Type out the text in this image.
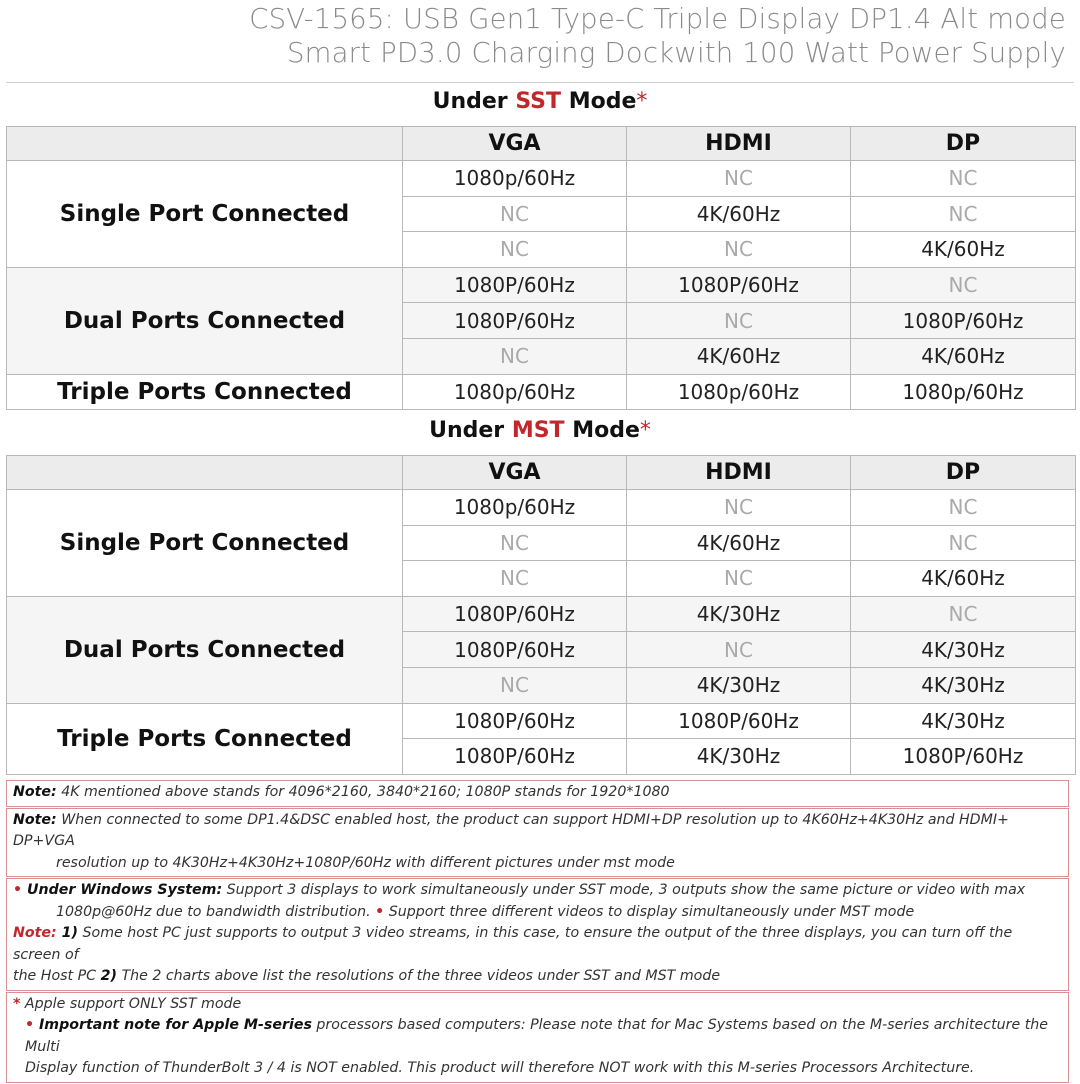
CSV-1565: USB Gen1 Type-C Triple Display DP1.4 Alt mode
Smart PD3.0 Charging Dockwith 100 Watt Power Supply
Under SST Mode*
	VGA	HDMI	DP
Single Port Connected	1080p/60Hz	NC	NC
	NC	4K/60Hz	NC
	NC	NC	4K/60Hz
Dual Ports Connected	1080P/60Hz	1080P/60Hz	NC
	1080P/60Hz	NC	1080P/60Hz
	NC	4K/60Hz	4K/60Hz
Triple Ports Connected	1080p/60Hz	1080p/60Hz	1080p/60Hz
Under MST Mode*
	VGA	HDMI	DP
Single Port Connected	1080p/60Hz	NC	NC
	NC	4K/60Hz	NC
	NC	NC	4K/60Hz
Dual Ports Connected	1080P/60Hz	4K/30Hz	NC
	1080P/60Hz	NC	4K/30Hz
	NC	4K/30Hz	4K/30Hz
Triple Ports Connected	1080P/60Hz	1080P/60Hz	4K/30Hz
	1080P/60Hz	4K/30Hz	1080P/60Hz
Note: 4K mentioned above stands for 4096*2160, 3840*2160; 1080P stands for 1920*1080
Note: When connected to some DP1.4&DSC enabled host, the product can support HDMI+DP resolution up to 4K60Hz+4K30Hz and HDMI+ DP+VGA
resolution up to 4K30Hz+4K30Hz+1080P/60Hz with different pictures under mst mode
• Under Windows System: Support 3 displays to work simultaneously under SST mode, 3 outputs show the same picture or video with max
1080p@60Hz due to bandwidth distribution. • Support three different videos to display simultaneously under MST mode
Note: 1) Some host PC just supports to output 3 video streams, in this case, to ensure the output of the three displays, you can turn off the screen of
the Host PC 2) The 2 charts above list the resolutions of the three videos under SST and MST mode
* Apple support ONLY SST mode
• Important note for Apple M-series processors based computers: Please note that for Mac Systems based on the M-series architecture the Multi
Display function of ThunderBolt 3 / 4 is NOT enabled. This product will therefore NOT work with this M-series Processors Architecture.
